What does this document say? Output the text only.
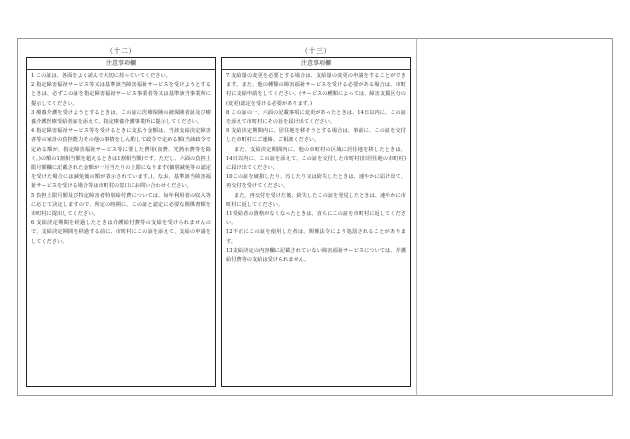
（十二）
注意事項欄
1 この証は、各面をよく読んで大切に持っていてください。
2 指定障害福祉サービス等又は基準該当障害福祉サービスを受けようとするときは、必ずこの証を指定障害福祉サービス事業者等又は基準該当事業所に提示してください。
3 療養介護を受けようとするときは、この証に医療保険の被保険者証及び療養介護医療受給者証を添えて、指定療養介護事業所に提示してください。
4 指定障害福祉サービス等を受けるときに支払う金額は、当該支給決定障害者等の家計の負担能力その他の事情をしん酌して政令で定める額(当該政令で定める額が、指定障害福祉サービス等に要した費用(食費、光熱水費等を除く。)の額の1割相当額を超えるときは1割相当額)です。ただし、六面の負担上限月額欄に記載された金額が一月当たりの上限になります(個別減免等の認定を受けた場合には減免後の額が表示されています。)。なお、基準該当障害福祉サービスを受ける場合等は市町村の窓口にお問い合わせください。
5 負担上限月額及び特定障害者特別給付費については、毎年利用者の収入等に応じて決定しますので、所定の時期に、この証と認定に必要な関係書類を市町村に提出してください。
6 支給決定期間を経過したときは介護給付費等の支給を受けられませんので、支給決定期間を経過する前に、市町村にこの証を添えて、支給の申請をしてください。
（十三）
注意事項欄
7 支給量の変更を必要とする場合は、支給量の変更の申請をすることができます。また、他の種類の障害福祉サービスを受ける必要がある場合は、市町村に支給申請をしてください。(サービスの種類によっては、障害支援区分の(変更)認定を受ける必要があります。)
8 この証の一、六面の記載事項に変更があったときは、14日以内に、この証を添えて市町村にその旨を届け出てください。
9 支給決定期間内に、居住地を移そうとする場合は、事前に、この証を交付した市町村にご連絡、ご相談ください。
また、支給決定期間内に、他の市町村の区域に居住地を移したときは、14日以内に、この証を添えて、この証を交付した市町村(旧居住地の市町村)に届け出てください。
10この証を破損したり、汚したり又は紛失したときは、速やかに届け出て、再交付を受けてください。
また、再交付を受けた後、紛失したこの証を発見したときは、速やかに市町村に返してください。
11受給者の資格がなくなったときは、直ちにこの証を市町村に返してください。
12不正にこの証を使用した者は、関係法令により処罰されることがあります。
13支給決定の内容欄に記載されていない障害福祉サービスについては、介護給付費等の支給は受けられません。
